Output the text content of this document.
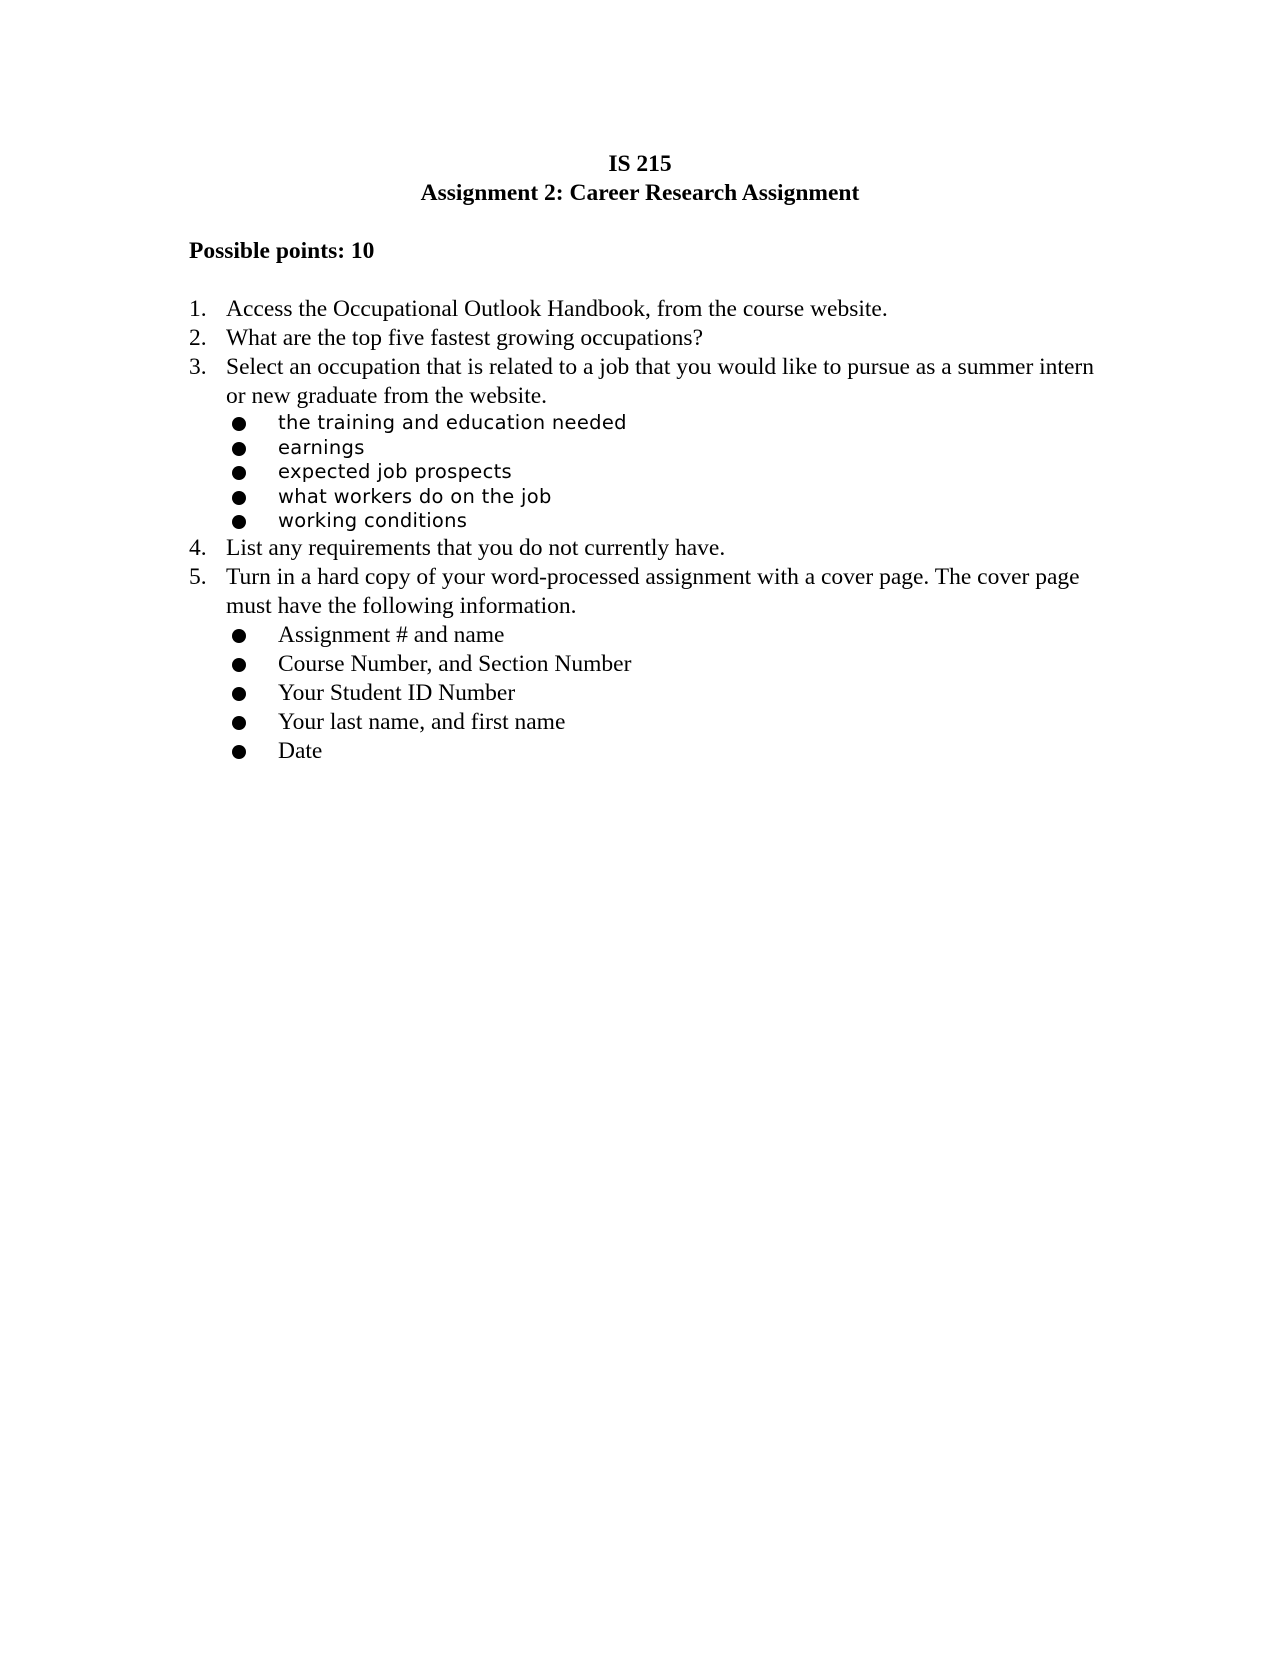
IS 215
Assignment 2: Career Research Assignment
Possible points: 10
1. Access the Occupational Outlook Handbook, from the course website.
2. What are the top five fastest growing occupations?
3. Select an occupation that is related to a job that you would like to pursue as a summer intern or new graduate from the website.
the training and education needed
earnings
expected job prospects
what workers do on the job
working conditions
4. List any requirements that you do not currently have.
5. Turn in a hard copy of your word-processed assignment with a cover page. The cover page must have the following information.
Assignment # and name
Course Number, and Section Number
Your Student ID Number
Your last name, and first name
Date
